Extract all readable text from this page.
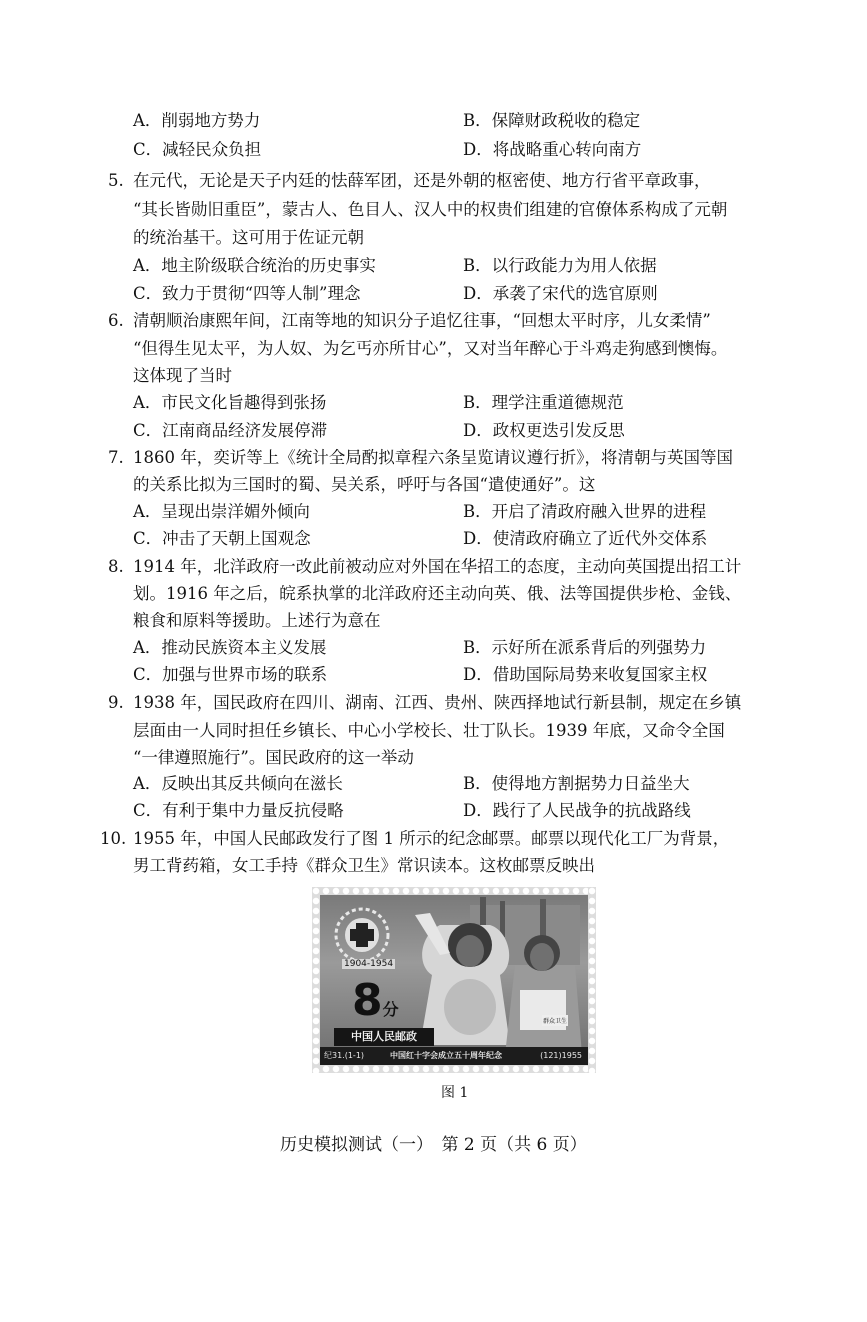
A．削弱地方势力	B．保障财政税收的稳定
C．减轻民众负担	D．将战略重心转向南方
5. 在元代，无论是天子内廷的怯薛军团，还是外朝的枢密使、地方行省平章政事，
“其长皆勋旧重臣”，蒙古人、色目人、汉人中的权贵们组建的官僚体系构成了元朝
的统治基干。这可用于佐证元朝
A．地主阶级联合统治的历史事实	B．以行政能力为用人依据
C．致力于贯彻“四等人制”理念	D．承袭了宋代的选官原则
6. 清朝顺治康熙年间，江南等地的知识分子追忆往事，“回想太平时序，儿女柔情”
“但得生见太平，为人奴、为乞丐亦所甘心”，又对当年醉心于斗鸡走狗感到懊悔。
这体现了当时
A．市民文化旨趣得到张扬	B．理学注重道德规范
C．江南商品经济发展停滞	D．政权更迭引发反思
7. 1860 年，奕䜣等上《统计全局酌拟章程六条呈览请议遵行折》，将清朝与英国等国
的关系比拟为三国时的蜀、吴关系，呼吁与各国“遣使通好”。这
A．呈现出崇洋媚外倾向	B．开启了清政府融入世界的进程
C．冲击了天朝上国观念	D．使清政府确立了近代外交体系
8. 1914 年，北洋政府一改此前被动应对外国在华招工的态度，主动向英国提出招工计
划。1916 年之后，皖系执掌的北洋政府还主动向英、俄、法等国提供步枪、金钱、
粮食和原料等援助。上述行为意在
A．推动民族资本主义发展	B．示好所在派系背后的列强势力
C．加强与世界市场的联系	D．借助国际局势来收复国家主权
9. 1938 年，国民政府在四川、湖南、江西、贵州、陕西择地试行新县制，规定在乡镇
层面由一人同时担任乡镇长、中心小学校长、壮丁队长。1939 年底，又命令全国
“一律遵照施行”。国民政府的这一举动
A．反映出其反共倾向在滋长	B．使得地方割据势力日益坐大
C．有利于集中力量反抗侵略	D．践行了人民战争的抗战路线
10. 1955 年，中国人民邮政发行了图 1 所示的纪念邮票。邮票以现代化工厂为背景，
男工背药箱，女工手持《群众卫生》常识读本。这枚邮票反映出
1904-1954
8分
中国人民邮政
群众卫生
纪31.(1-1)	中国红十字会成立五十周年纪念	(121)1955
图 1
历史模拟测试（一）　第 2 页（共 6 页）
